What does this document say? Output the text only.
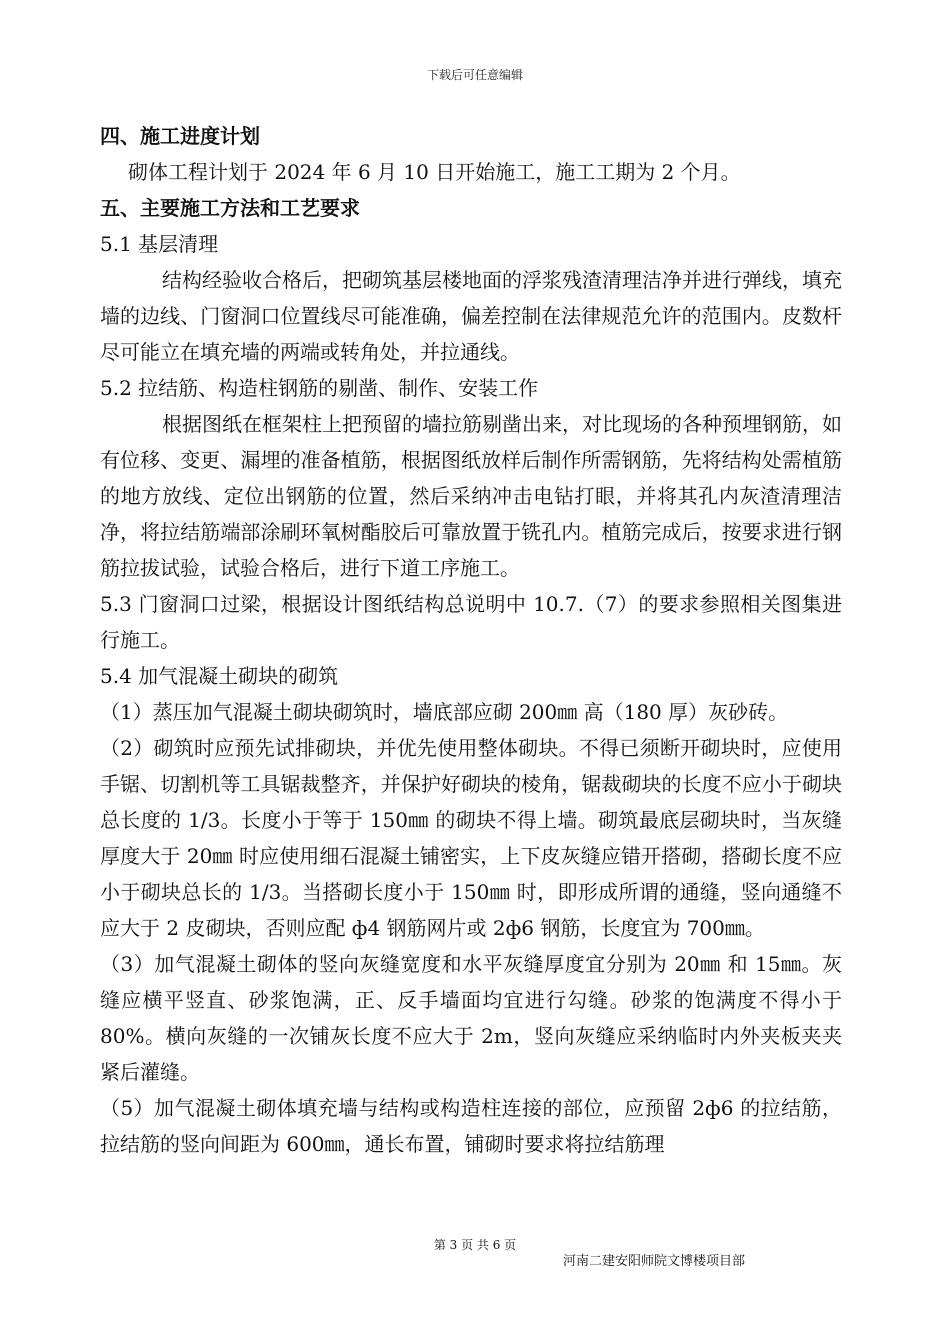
下载后可任意编辑

四、施工进度计划

砌体工程计划于 2024 年 6 月 10 日开始施工，施工工期为 2 个月。

五、主要施工方法和工艺要求

5.1 基层清理

结构经验收合格后，把砌筑基层楼地面的浮浆残渣清理洁净并进行弹线，填充墙的边线、门窗洞口位置线尽可能准确，偏差控制在法律规范允许的范围内。皮数杆尽可能立在填充墙的两端或转角处，并拉通线。

5.2 拉结筋、构造柱钢筋的剔凿、制作、安装工作

根据图纸在框架柱上把预留的墙拉筋剔凿出来，对比现场的各种预埋钢筋，如有位移、变更、漏埋的准备植筋，根据图纸放样后制作所需钢筋，先将结构处需植筋的地方放线、定位出钢筋的位置，然后采纳冲击电钻打眼，并将其孔内灰渣清理洁净，将拉结筋端部涂刷环氧树酯胶后可靠放置于铣孔内。植筋完成后，按要求进行钢筋拉拔试验，试验合格后，进行下道工序施工。

5.3 门窗洞口过梁，根据设计图纸结构总说明中 10.7.（7）的要求参照相关图集进行施工。

5.4 加气混凝土砌块的砌筑

（1）蒸压加气混凝土砌块砌筑时，墙底部应砌 200㎜ 高（180 厚）灰砂砖。

（2）砌筑时应预先试排砌块，并优先使用整体砌块。不得已须断开砌块时，应使用手锯、切割机等工具锯裁整齐，并保护好砌块的棱角，锯裁砌块的长度不应小于砌块总长度的 1/3。长度小于等于 150㎜ 的砌块不得上墙。砌筑最底层砌块时，当灰缝厚度大于 20㎜ 时应使用细石混凝土铺密实，上下皮灰缝应错开搭砌，搭砌长度不应小于砌块总长的 1/3。当搭砌长度小于 150㎜ 时，即形成所谓的通缝，竖向通缝不应大于 2 皮砌块，否则应配 ф4 钢筋网片或 2ф6 钢筋，长度宜为 700㎜。

（3）加气混凝土砌体的竖向灰缝宽度和水平灰缝厚度宜分别为 20㎜ 和 15㎜。灰缝应横平竖直、砂浆饱满，正、反手墙面均宜进行勾缝。砂浆的饱满度不得小于 80%。横向灰缝的一次铺灰长度不应大于 2m，竖向灰缝应采纳临时内外夹板夹夹紧后灌缝。

（5）加气混凝土砌体填充墙与结构或构造柱连接的部位，应预留 2ф6 的拉结筋，拉结筋的竖向间距为 600㎜，通长布置，铺砌时要求将拉结筋理

第 3 页 共 6 页
河南二建安阳师院文博楼项目部
